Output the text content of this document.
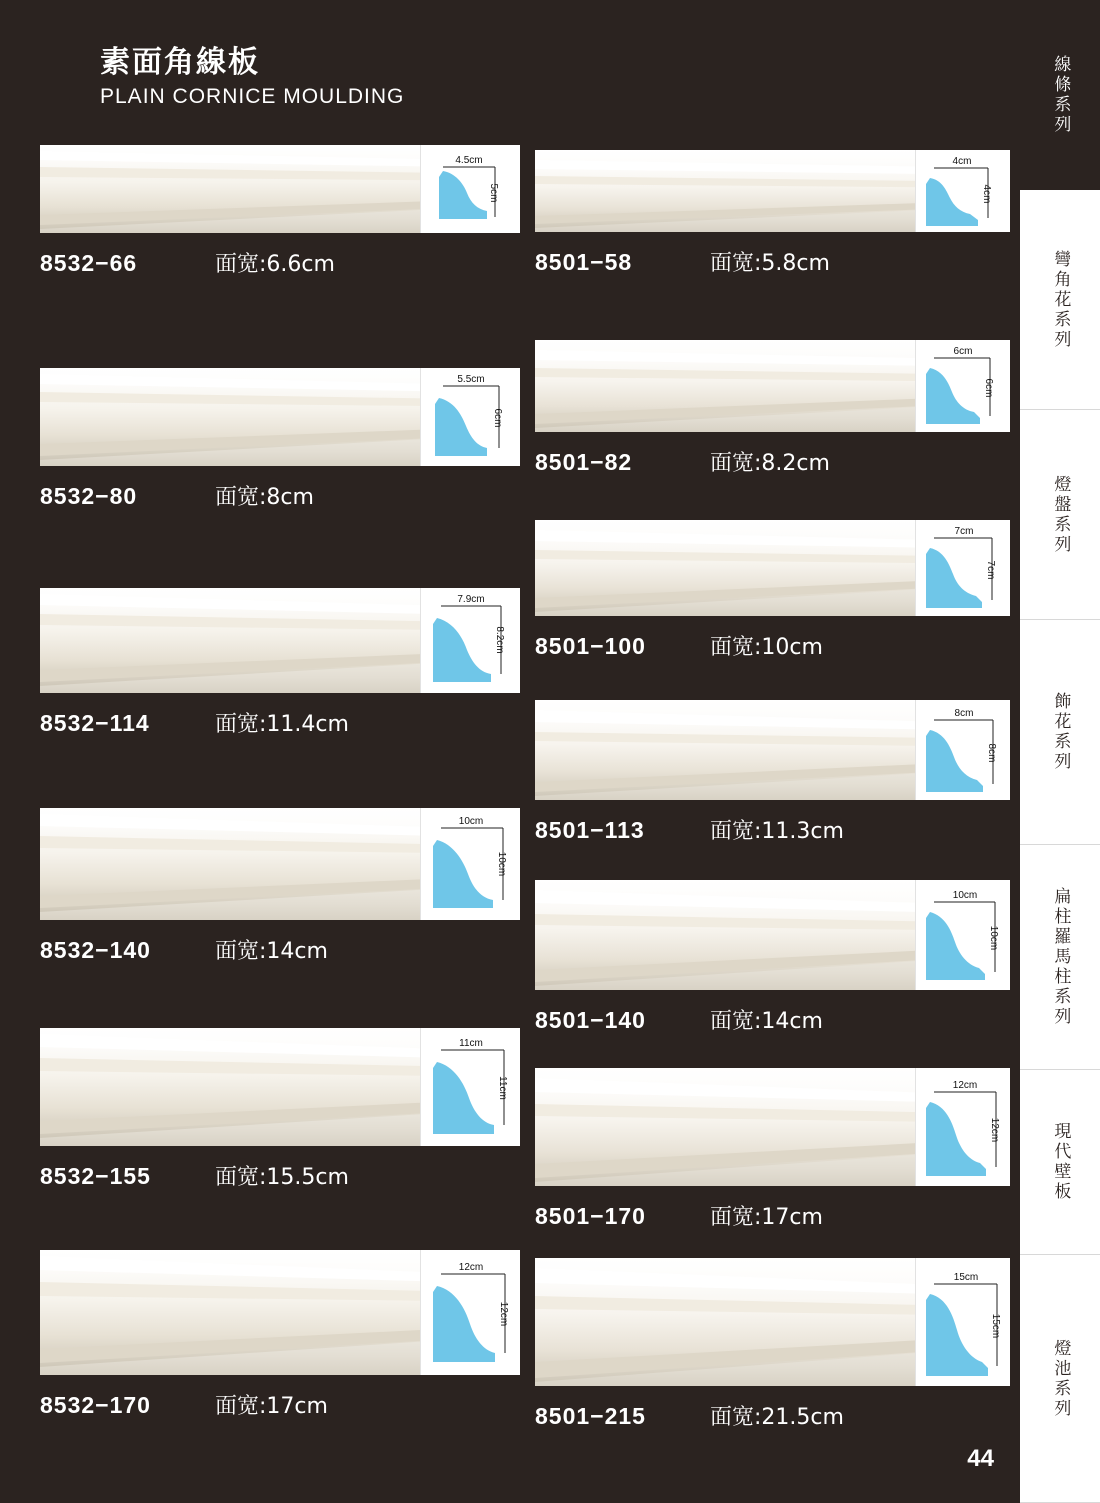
素面角線板
PLAIN CORNICE MOULDING	線條系列
彎角花系列
燈盤系列
飾花系列
扁柱羅馬柱系列
現代壁板
燈池系列
4.5cm
5cm
8532−66	面宽:6.6cm
5.5cm
6cm
8532−80	面宽:8cm
7.9cm
8.2cm
8532−114	面宽:11.4cm
10cm
10cm
8532−140	面宽:14cm
11cm
11cm
8532−155	面宽:15.5cm
12cm
12cm
8532−170	面宽:17cm
4cm
4cm
8501−58	面宽:5.8cm
6cm
6cm
8501−82	面宽:8.2cm
7cm
7cm
8501−100	面宽:10cm
8cm
8cm
8501−113	面宽:11.3cm
10cm
10cm
8501−140	面宽:14cm
12cm
12cm
8501−170	面宽:17cm
15cm
15cm
8501−215	面宽:21.5cm
44
